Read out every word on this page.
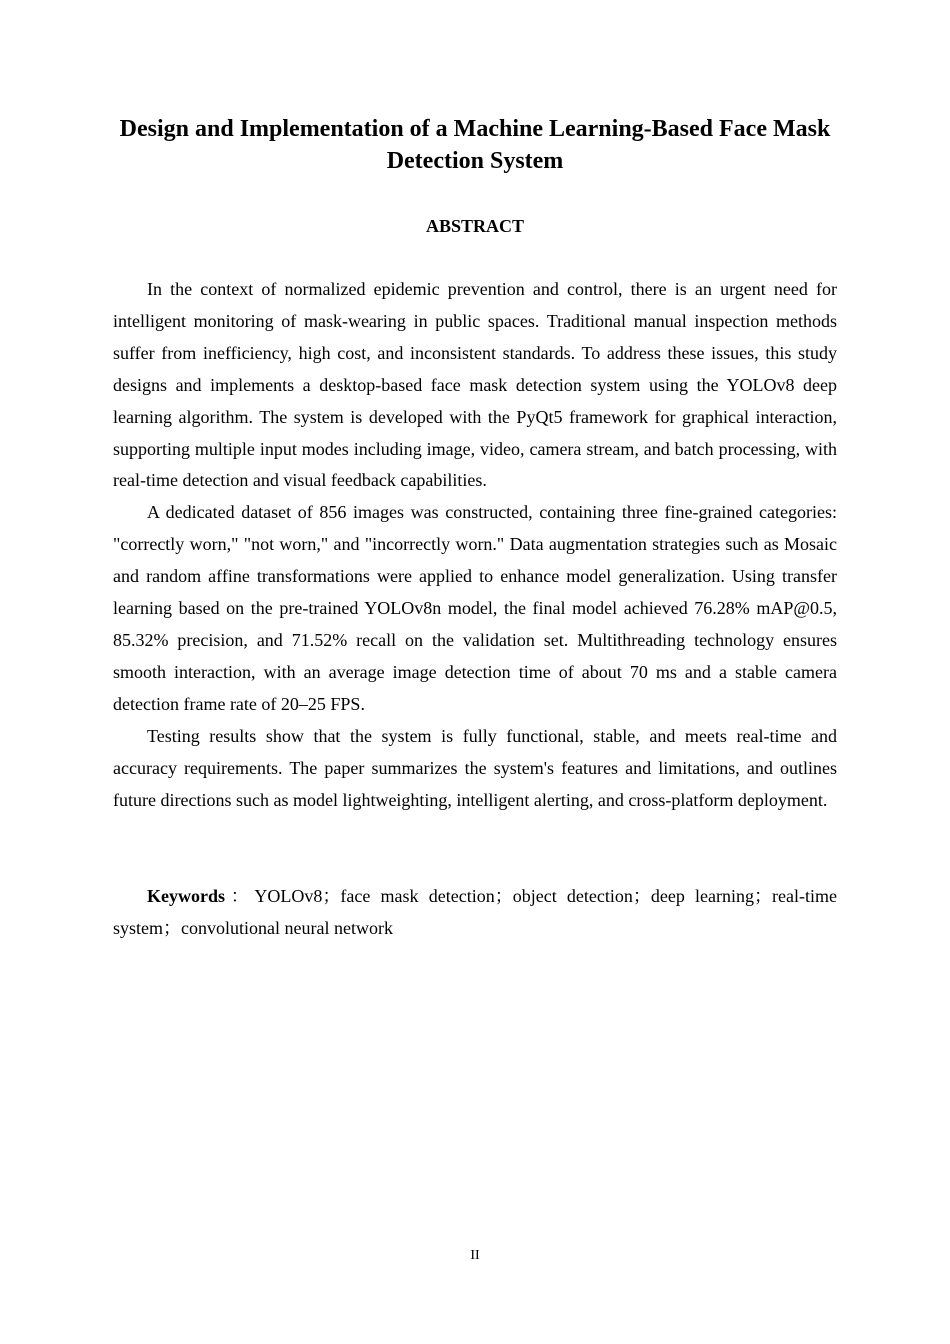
Design and Implementation of a Machine Learning-Based Face Mask Detection System
ABSTRACT

In the context of normalized epidemic prevention and control, there is an urgent need for intelligent monitoring of mask-wearing in public spaces. Traditional manual inspection methods suffer from inefficiency, high cost, and inconsistent standards. To address these issues, this study designs and implements a desktop-based face mask detection system using the YOLOv8 deep learning algorithm. The system is developed with the PyQt5 framework for graphical interaction, supporting multiple input modes including image, video, camera stream, and batch processing, with real-time detection and visual feedback capabilities.

A dedicated dataset of 856 images was constructed, containing three fine-grained categories: "correctly worn," "not worn," and "incorrectly worn." Data augmentation strategies such as Mosaic and random affine transformations were applied to enhance model generalization. Using transfer learning based on the pre-trained YOLOv8n model, the final model achieved 76.28% mAP@0.5, 85.32% precision, and 71.52% recall on the validation set. Multithreading technology ensures smooth interaction, with an average image detection time of about 70 ms and a stable camera detection frame rate of 20–25 FPS.

Testing results show that the system is fully functional, stable, and meets real-time and accuracy requirements. The paper summarizes the system's features and limitations, and outlines future directions such as model lightweighting, intelligent alerting, and cross-platform deployment.

Keywords：YOLOv8；face mask detection；object detection；deep learning；real-time system；convolutional neural network

II
